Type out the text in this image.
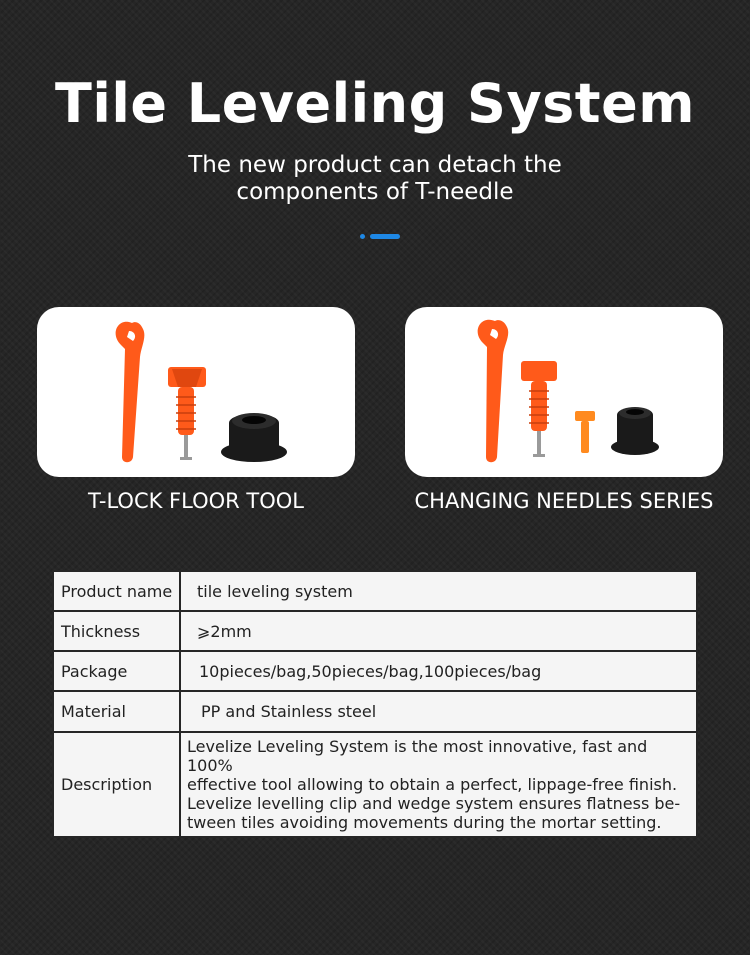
Tile Leveling System
The new product can detach the
components of T-needle
T-LOCK FLOOR TOOL	CHANGING NEEDLES SERIES
Product name	tile leveling system
Thickness	⩾2mm
Package	10pieces/bag,50pieces/bag,100pieces/bag
Material	PP and Stainless steel
Description	Levelize Leveling System is the most innovative, fast and 100%
effective tool allowing to obtain a perfect, lippage-free finish.
Levelize levelling clip and wedge system ensures flatness be-
tween tiles avoiding movements during the mortar setting.
